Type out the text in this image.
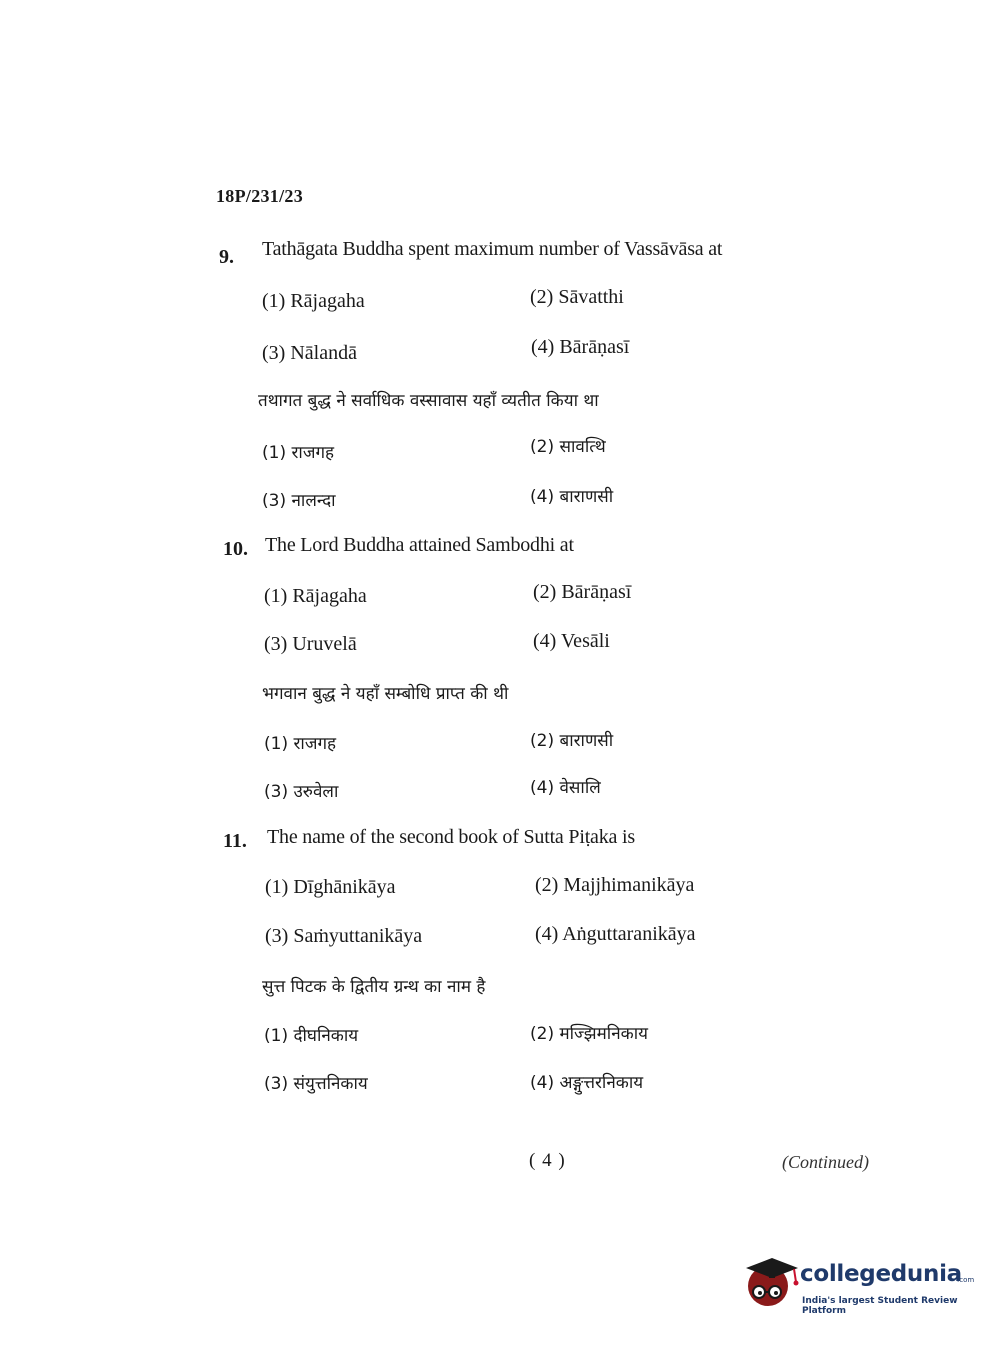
18P/231/23
9. Tathāgata Buddha spent maximum number of Vassāvāsa at
(1) Rājagaha	(2) Sāvatthi
(3) Nālandā	(4) Bārāṇasī
तथागत बुद्ध ने सर्वाधिक वस्सावास यहाँ व्यतीत किया था
(1) राजगह	(2) सावत्थि
(3) नालन्दा	(4) बाराणसी
10. The Lord Buddha attained Sambodhi at
(1) Rājagaha	(2) Bārāṇasī
(3) Uruvelā	(4) Vesāli
भगवान बुद्ध ने यहाँ सम्बोधि प्राप्त की थी
(1) राजगह	(2) बाराणसी
(3) उरुवेला	(4) वेसालि
11. The name of the second book of Sutta Piṭaka is
(1) Dīghānikāya	(2) Majjhimanikāya
(3) Saṁyuttanikāya	(4) Aṅguttaranikāya
सुत्त पिटक के द्वितीय ग्रन्थ का नाम है
(1) दीघनिकाय	(2) मज्झिमनिकाय
(3) संयुत्तनिकाय	(4) अङ्गुत्तरनिकाय
( 4 )	(Continued)
collegedunia
.com
India's largest Student Review Platform
